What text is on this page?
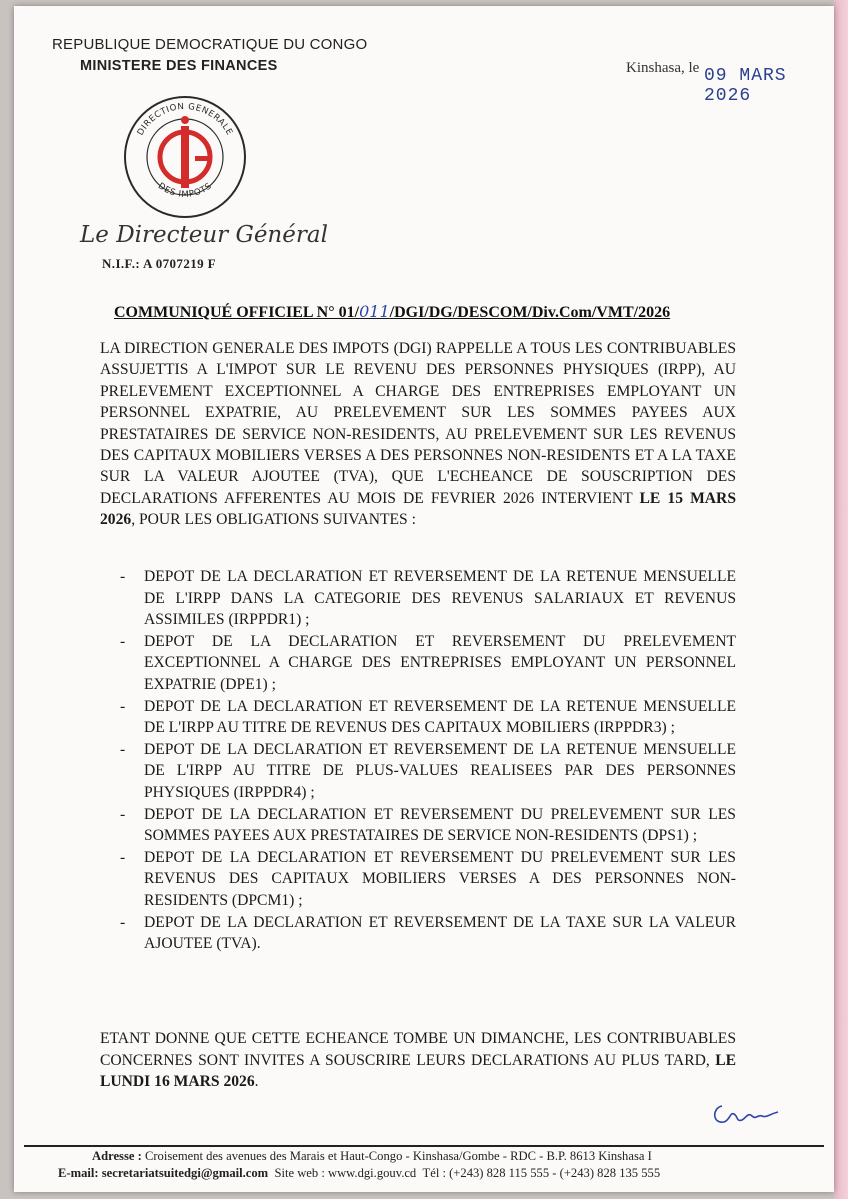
REPUBLIQUE DEMOCRATIQUE DU CONGO
MINISTERE DES FINANCES	Kinshasa, le 09 MARS 2026
DIRECTION GENERALE
DES IMPOTS
Le Directeur Général
N.I.F.: A 0707219 F
COMMUNIQUÉ OFFICIEL N° 01/011/DGI/DG/DESCOM/Div.Com/VMT/2026
LA DIRECTION GENERALE DES IMPOTS (DGI) RAPPELLE A TOUS LES CONTRIBUABLES ASSUJETTIS A L'IMPOT SUR LE REVENU DES PERSONNES PHYSIQUES (IRPP), AU PRELEVEMENT EXCEPTIONNEL A CHARGE DES ENTREPRISES EMPLOYANT UN PERSONNEL EXPATRIE, AU PRELEVEMENT SUR LES SOMMES PAYEES AUX PRESTATAIRES DE SERVICE NON-RESIDENTS, AU PRELEVEMENT SUR LES REVENUS DES CAPITAUX MOBILIERS VERSES A DES PERSONNES NON-RESIDENTS ET A LA TAXE SUR LA VALEUR AJOUTEE (TVA), QUE L'ECHEANCE DE SOUSCRIPTION DES DECLARATIONS AFFERENTES AU MOIS DE FEVRIER 2026 INTERVIENT LE 15 MARS 2026, POUR LES OBLIGATIONS SUIVANTES :
- DEPOT DE LA DECLARATION ET REVERSEMENT DE LA RETENUE MENSUELLE DE L'IRPP DANS LA CATEGORIE DES REVENUS SALARIAUX ET REVENUS ASSIMILES (IRPPDR1) ;
- DEPOT DE LA DECLARATION ET REVERSEMENT DU PRELEVEMENT EXCEPTIONNEL A CHARGE DES ENTREPRISES EMPLOYANT UN PERSONNEL EXPATRIE (DPE1) ;
- DEPOT DE LA DECLARATION ET REVERSEMENT DE LA RETENUE MENSUELLE DE L'IRPP AU TITRE DE REVENUS DES CAPITAUX MOBILIERS (IRPPDR3) ;
- DEPOT DE LA DECLARATION ET REVERSEMENT DE LA RETENUE MENSUELLE DE L'IRPP AU TITRE DE PLUS-VALUES REALISEES PAR DES PERSONNES PHYSIQUES (IRPPDR4) ;
- DEPOT DE LA DECLARATION ET REVERSEMENT DU PRELEVEMENT SUR LES SOMMES PAYEES AUX PRESTATAIRES DE SERVICE NON-RESIDENTS (DPS1) ;
- DEPOT DE LA DECLARATION ET REVERSEMENT DU PRELEVEMENT SUR LES REVENUS DES CAPITAUX MOBILIERS VERSES A DES PERSONNES NON-RESIDENTS (DPCM1) ;
- DEPOT DE LA DECLARATION ET REVERSEMENT DE LA TAXE SUR LA VALEUR AJOUTEE (TVA).
ETANT DONNE QUE CETTE ECHEANCE TOMBE UN DIMANCHE, LES CONTRIBUABLES CONCERNES SONT INVITES A SOUSCRIRE LEURS DECLARATIONS AU PLUS TARD, LE LUNDI 16 MARS 2026.
Adresse : Croisement des avenues des Marais et Haut-Congo - Kinshasa/Gombe - RDC - B.P. 8613 Kinshasa I
E-mail: secretariatsuitedgi@gmail.com Site web : www.dgi.gouv.cd Tél : (+243) 828 115 555 - (+243) 828 135 555
